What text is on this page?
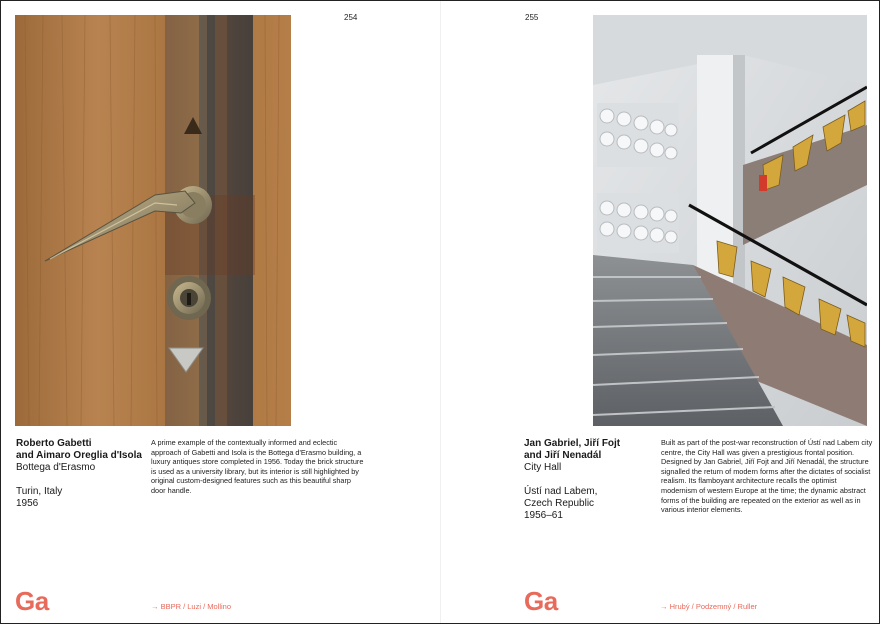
254
Roberto Gabetti
and Aimaro Oreglia d'Isola
Bottega d'Erasmo
Turin, Italy
1956
A prime example of the contextually informed and eclectic approach of Gabetti and Isola is the Bottega d'Erasmo building, a luxury antiques store completed in 1956. Today the brick structure is used as a university library, but its interior is still highlighted by original custom-designed features such as this beautiful sharp door handle.
Ga	→ BBPR / Luzi / Mollino
255
Jan Gabriel, Jiří Fojt
and Jiří Nenadál
City Hall
Ústí nad Labem,
Czech Republic
1956–61
Built as part of the post-war reconstruction of Ústí nad Labem city centre, the City Hall was given a prestigious frontal position. Designed by Jan Gabriel, Jiří Fojt and Jiří Nenadál, the structure signalled the return of modern forms after the dictates of socialist realism. Its flamboyant architecture recalls the optimist modernism of western Europe at the time; the dynamic abstract forms of the building are repeated on the exterior as well as in various interior elements.
Ga	→ Hrubý / Podzemný / Ruller
